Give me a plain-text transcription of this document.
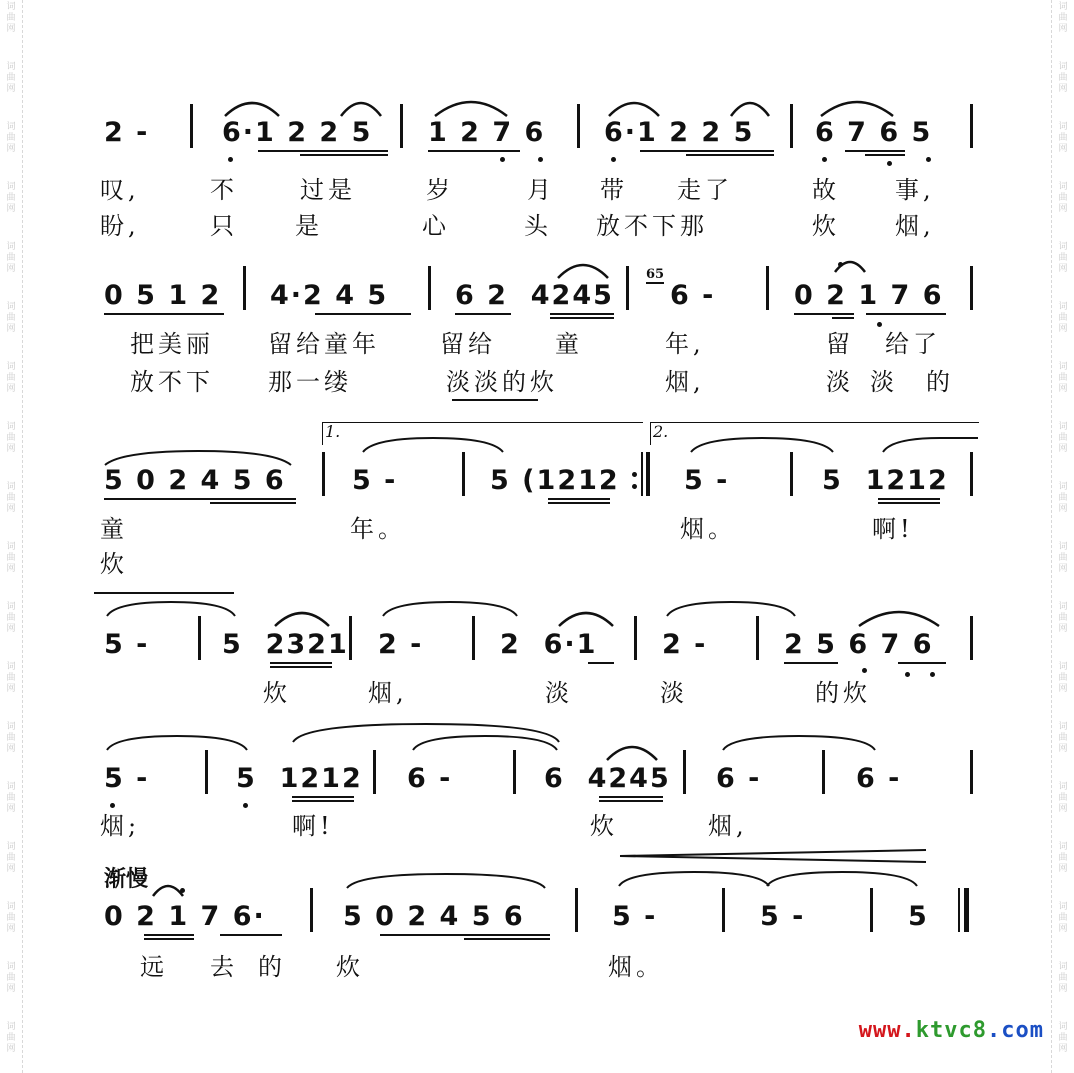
词
曲
网
词
曲
网
词
曲
网
词
曲
网
词
曲
网
词
曲
网
词
曲
网
词
曲
网
词
曲
网
词
曲
网
词
曲
网
词
曲
网
词
曲
网
词
曲
网
词
曲
网
词
曲
网
词
曲
网
词
曲
网
词
曲
网
词
曲
网
词
曲
网
词
曲
网
词
曲
网
词
曲
网
词
曲
网
词
曲
网
词
曲
网
词
曲
网
词
曲
网
词
曲
网
词
曲
网
词
曲
网
词
曲
网
词
曲
网
词
曲
网
词
曲
网
2 -	6·1 2 2 5 1 2 7 6 6·1 2 2 5 6 7 6 5
叹,	不	过是	岁	月 带 走了	故 事,
盼,	只 是	心	头 放不下那	炊 烟,
0 5 1 2 4·2 4 5 6 2  4245
65
6 -	0 2 1 7 6
把美丽 留给童年	留给 童	年,	留 给了
放不下 那一缕	淡淡的炊	烟,	淡 淡 的
1.	2.
5 0 2 4 5 6 5 -	5 (1212 5 -	5  1212
童	年。	烟。	啊!
炊
5 -	5  2321 2 -	2  6·1 2 -	2 5 6 7 6
炊	烟,	淡	淡	的炊
5 -	5  1212 6 -	6  4245 6 -	6 -
烟;	啊!	炊	烟,
渐慢
0 2 1 7 6·	5 0 2 4 5 6	5 -	5 -	5
远 去 的 炊	烟。
www.ktvc8.com
